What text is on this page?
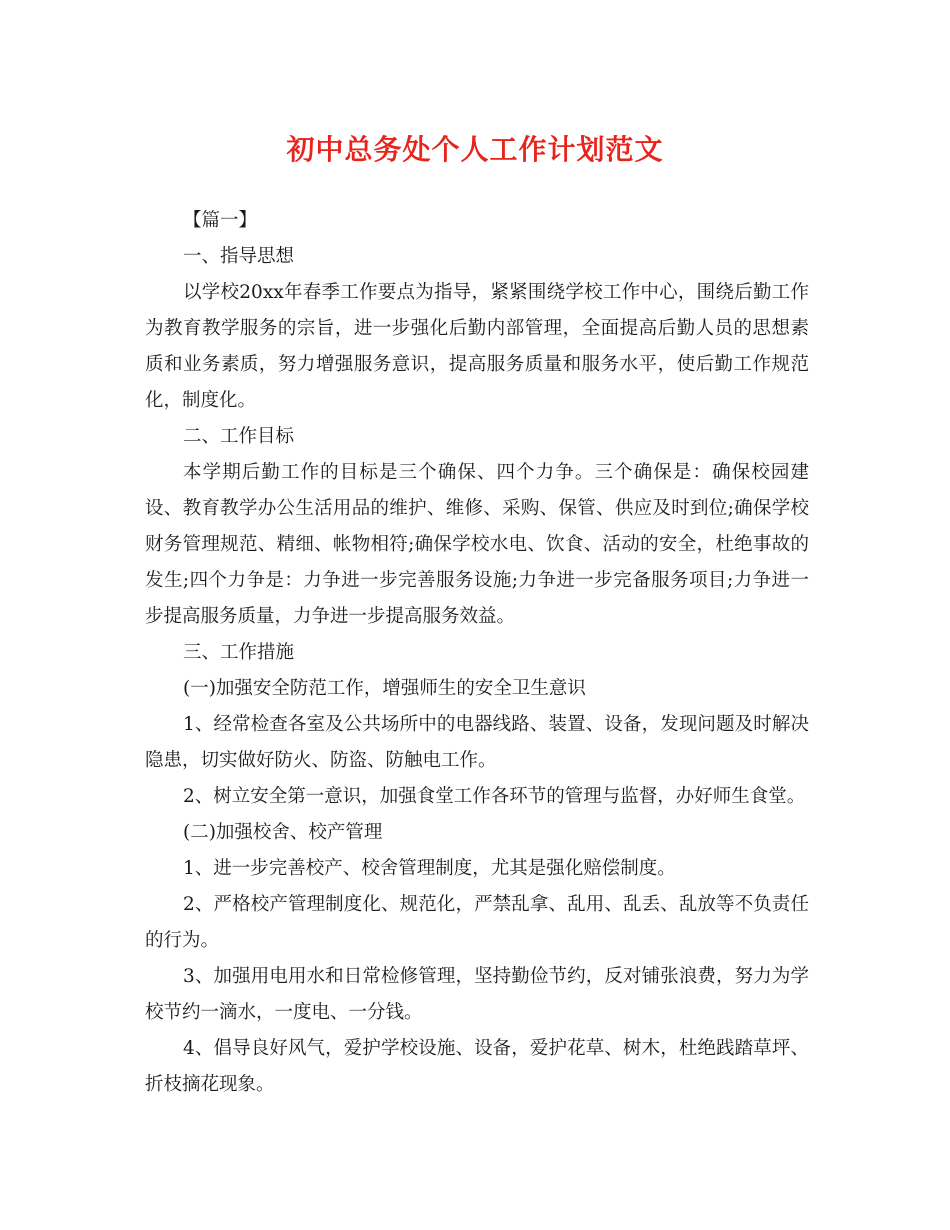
初中总务处个人工作计划范文

【篇一】

一、指导思想

以学校20xx年春季工作要点为指导，紧紧围绕学校工作中心，围绕后勤工作为教育教学服务的宗旨，进一步强化后勤内部管理，全面提高后勤人员的思想素质和业务素质，努力增强服务意识，提高服务质量和服务水平，使后勤工作规范化，制度化。

二、工作目标

本学期后勤工作的目标是三个确保、四个力争。三个确保是：确保校园建设、教育教学办公生活用品的维护、维修、采购、保管、供应及时到位;确保学校财务管理规范、精细、帐物相符;确保学校水电、饮食、活动的安全，杜绝事故的发生;四个力争是：力争进一步完善服务设施;力争进一步完备服务项目;力争进一步提高服务质量，力争进一步提高服务效益。

三、工作措施

(一)加强安全防范工作，增强师生的安全卫生意识

1、经常检查各室及公共场所中的电器线路、装置、设备，发现问题及时解决隐患，切实做好防火、防盗、防触电工作。

2、树立安全第一意识，加强食堂工作各环节的管理与监督，办好师生食堂。

(二)加强校舍、校产管理

1、进一步完善校产、校舍管理制度，尤其是强化赔偿制度。

2、严格校产管理制度化、规范化，严禁乱拿、乱用、乱丢、乱放等不负责任的行为。

3、加强用电用水和日常检修管理，坚持勤俭节约，反对铺张浪费，努力为学校节约一滴水，一度电、一分钱。

4、倡导良好风气，爱护学校设施、设备，爱护花草、树木，杜绝践踏草坪、折枝摘花现象。
